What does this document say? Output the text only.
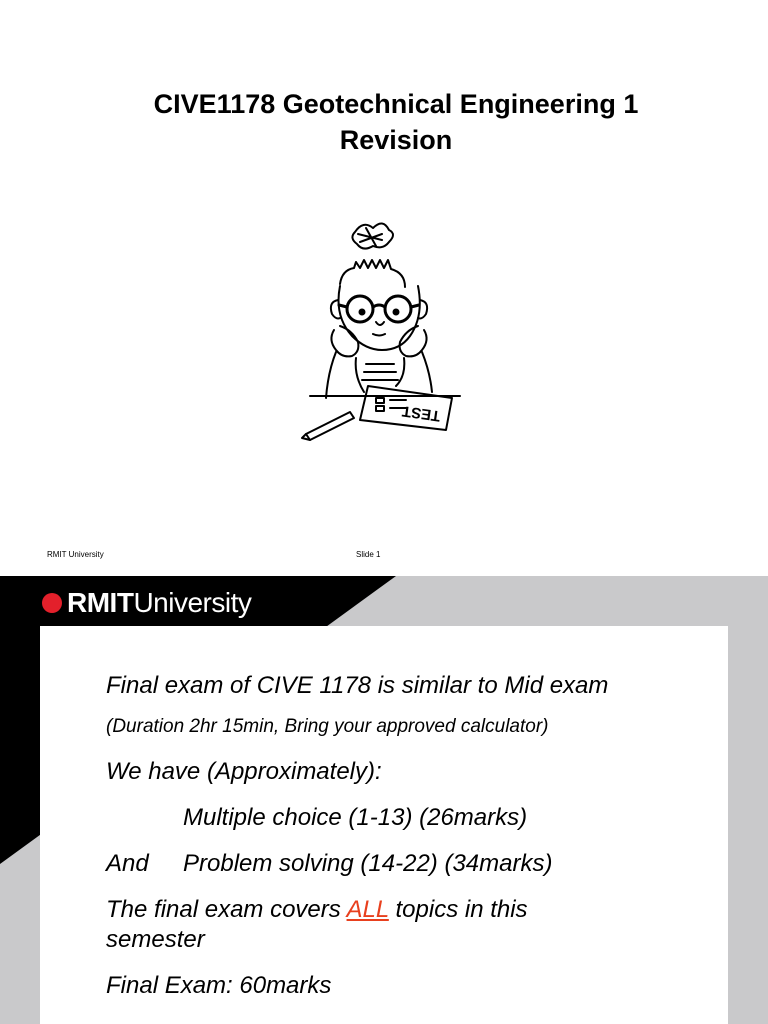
CIVE1178 Geotechnical Engineering 1
Revision
TEST
RMIT University	Slide 1
RMITUniversity
Final exam of CIVE 1178 is similar to Mid exam
(Duration 2hr 15min, Bring your approved calculator)
We have (Approximately):
Multiple choice (1-13) (26marks)
And Problem solving (14-22) (34marks)
The final exam covers ALL topics in this
semester
Final Exam: 60marks
